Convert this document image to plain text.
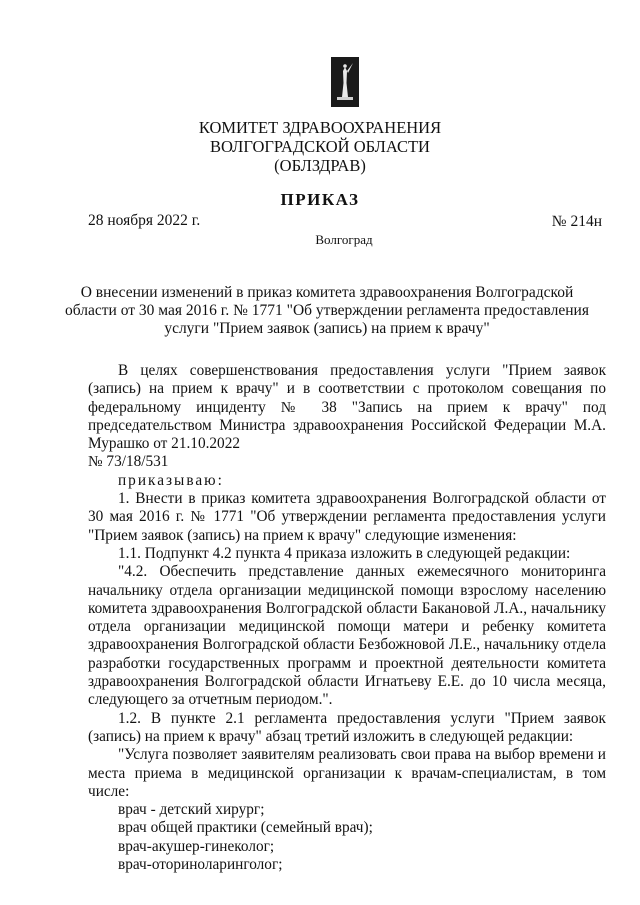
КОМИТЕТ ЗДРАВООХРАНЕНИЯ
ВОЛГОГРАДСКОЙ ОБЛАСТИ
(ОБЛЗДРАВ)
ПРИКАЗ
28 ноября 2022 г.	№ 214н
Волгоград
О внесении изменений в приказ комитета здравоохранения Волгоградской
области от 30 мая 2016 г. № 1771 "Об утверждении регламента предоставления
услуги "Прием заявок (запись) на прием к врачу"

В целях совершенствования предоставления услуги "Прием заявок (запись) на прием к врачу" и в соответствии с протоколом совещания по федеральному инциденту № 38 "Запись на прием к врачу" под председательством Министра здравоохранения Российской Федерации М.А. Мурашко от 21.10.2022

№ 73/18/531

приказываю:

1. Внести в приказ комитета здравоохранения Волгоградской области от 30 мая 2016 г. № 1771 "Об утверждении регламента предоставления услуги "Прием заявок (запись) на прием к врачу" следующие изменения:

1.1. Подпункт 4.2 пункта 4 приказа изложить в следующей редакции:

"4.2. Обеспечить представление данных ежемесячного мониторинга начальнику отдела организации медицинской помощи взрослому населению комитета здравоохранения Волгоградской области Бакановой Л.А., начальнику отдела организации медицинской помощи матери и ребенку комитета здравоохранения Волгоградской области Безбожновой Л.Е., начальнику отдела разработки государственных программ и проектной деятельности комитета здравоохранения Волгоградской области Игнатьеву Е.Е. до 10 числа месяца, следующего за отчетным периодом.".

1.2. В пункте 2.1 регламента предоставления услуги "Прием заявок (запись) на прием к врачу" абзац третий изложить в следующей редакции:

"Услуга позволяет заявителям реализовать свои права на выбор времени и места приема в медицинской организации к врачам-специалистам, в том числе:

врач - детский хирург;

врач общей практики (семейный врач);

врач-акушер-гинеколог;

врач-оториноларинголог;
